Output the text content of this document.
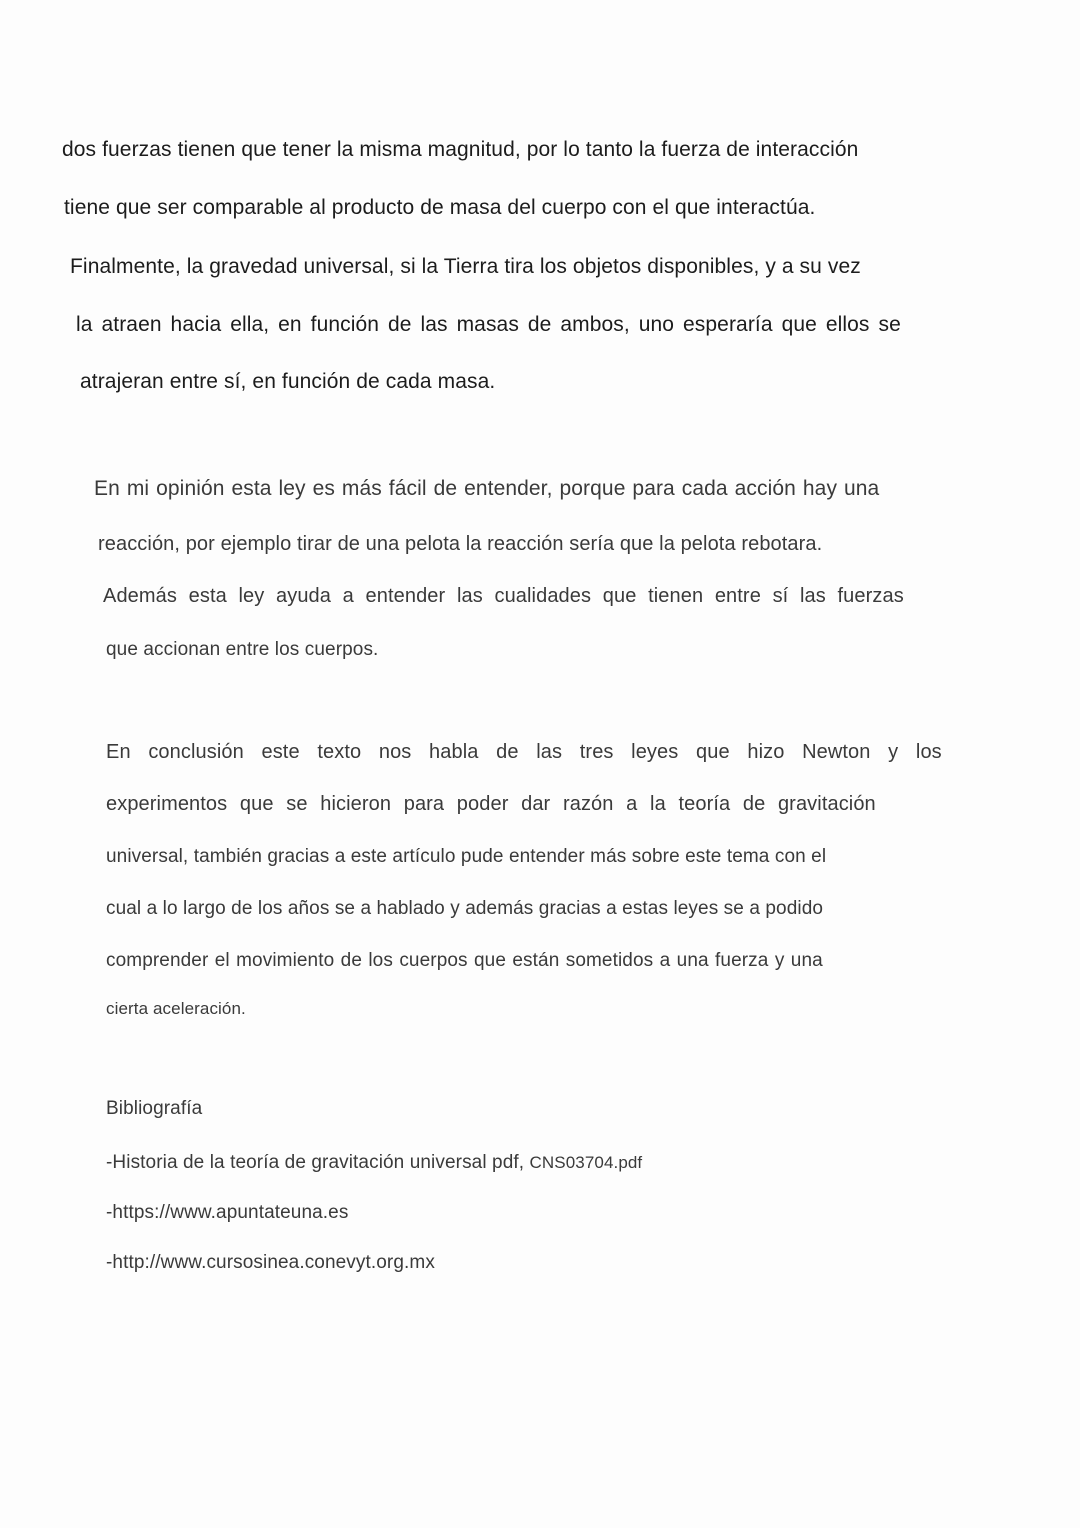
dos fuerzas tienen que tener la misma magnitud, por lo tanto la fuerza de interacción
tiene que ser comparable al producto de masa del cuerpo con el que interactúa.
Finalmente, la gravedad universal, si la Tierra tira los objetos disponibles, y a su vez
la atraen hacia ella, en función de las masas de ambos, uno esperaría que ellos se
atrajeran entre sí, en función de cada masa.
En mi opinión esta ley es más fácil de entender, porque para cada acción hay una
reacción, por ejemplo tirar de una pelota la reacción sería que la pelota rebotara.
Además esta ley ayuda a entender las cualidades que tienen entre sí las fuerzas
que accionan entre los cuerpos.
En conclusión este texto nos habla de las tres leyes que hizo Newton y los
experimentos que se hicieron para poder dar razón a la teoría de gravitación
universal, también gracias a este artículo pude entender más sobre este tema con el
cual a lo largo de los años se a hablado y además gracias a estas leyes se a podido
comprender el movimiento de los cuerpos que están sometidos a una fuerza y una
cierta aceleración.
Bibliografía
-Historia de la teoría de gravitación universal pdf, CNS03704.pdf
-https://www.apuntateuna.es
-http://www.cursosinea.conevyt.org.mx
